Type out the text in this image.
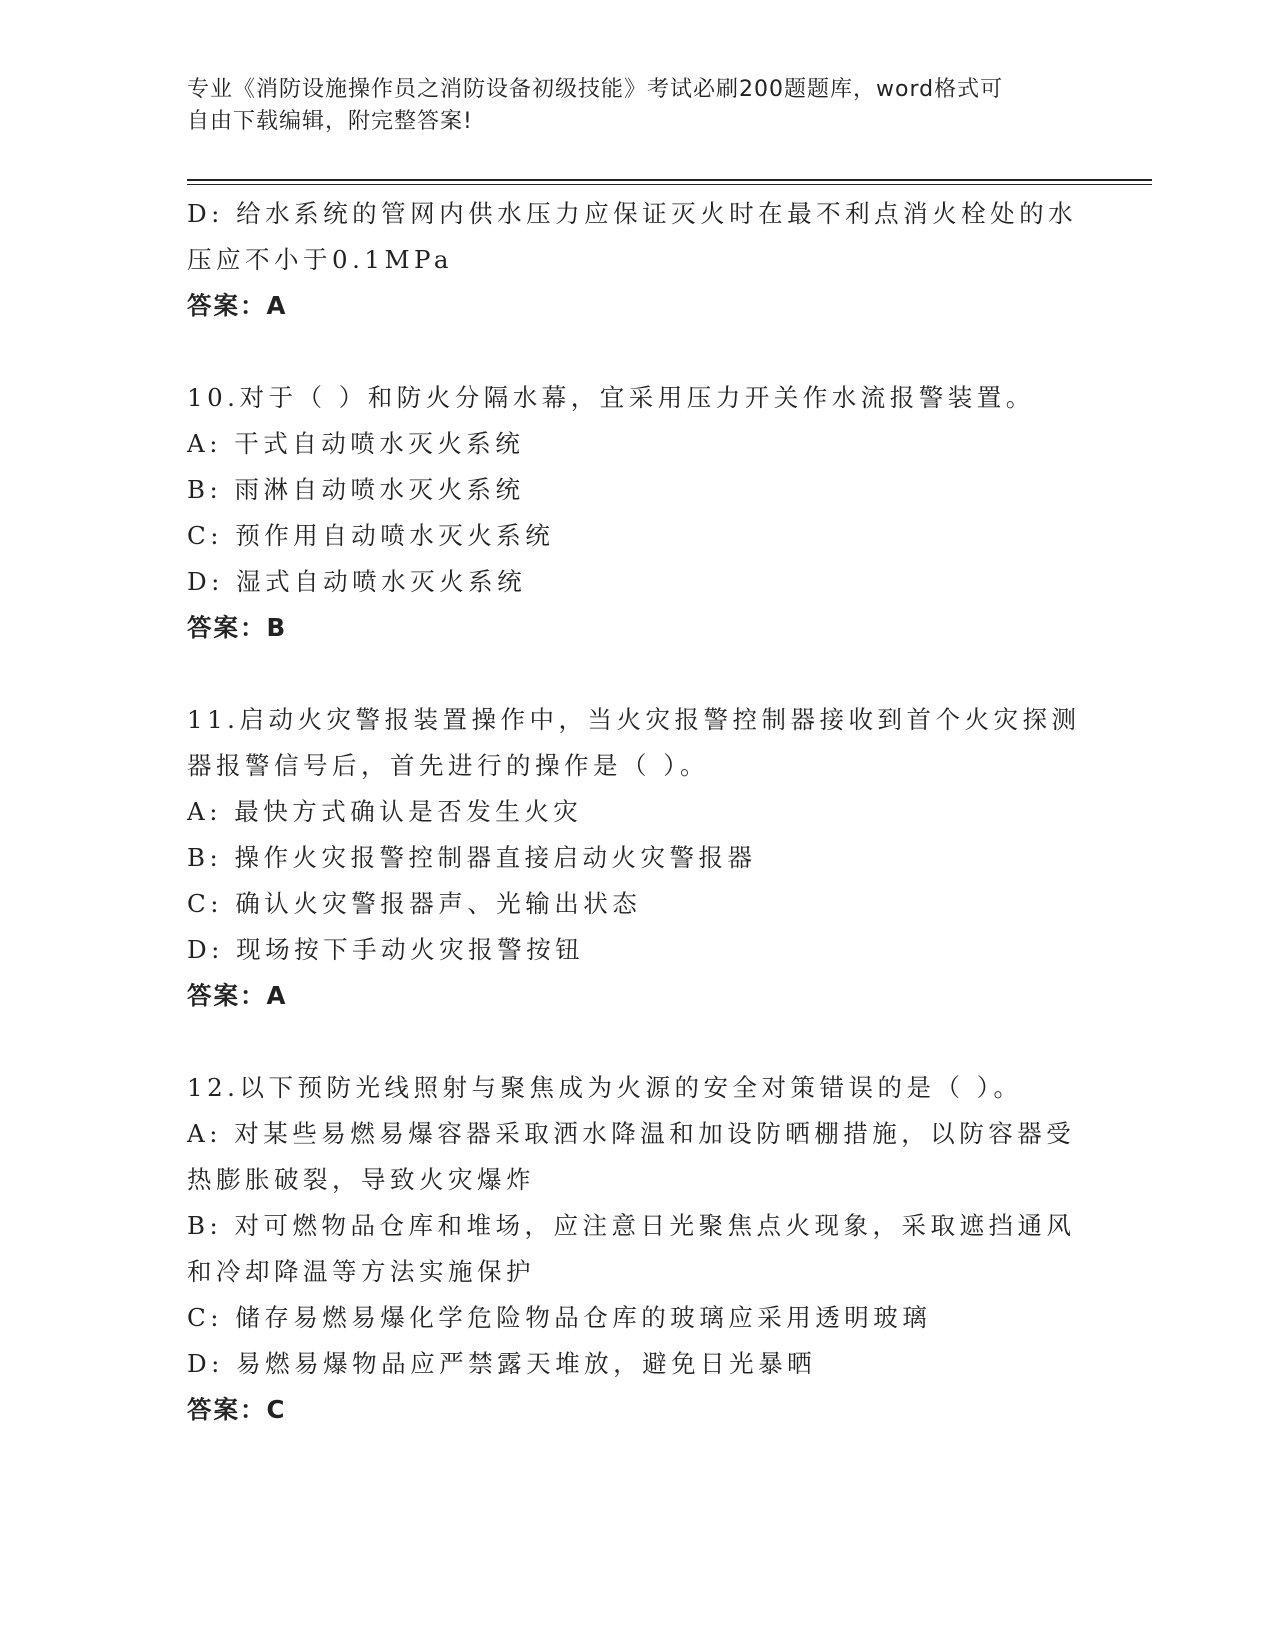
专业《消防设施操作员之消防设备初级技能》考试必刷200题题库，word格式可
自由下载编辑，附完整答案!
D: 给水系统的管网内供水压力应保证灭火时在最不利点消火栓处的水
压应不小于0.1MPa
答案：A
10.对于（ ）和防火分隔水幕，宜采用压力开关作水流报警装置。
A: 干式自动喷水灭火系统
B: 雨淋自动喷水灭火系统
C: 预作用自动喷水灭火系统
D: 湿式自动喷水灭火系统
答案：B
11.启动火灾警报装置操作中，当火灾报警控制器接收到首个火灾探测
器报警信号后，首先进行的操作是（ ）。
A: 最快方式确认是否发生火灾
B: 操作火灾报警控制器直接启动火灾警报器
C: 确认火灾警报器声、光输出状态
D: 现场按下手动火灾报警按钮
答案：A
12.以下预防光线照射与聚焦成为火源的安全对策错误的是（ ）。
A: 对某些易燃易爆容器采取洒水降温和加设防晒棚措施，以防容器受
热膨胀破裂，导致火灾爆炸
B: 对可燃物品仓库和堆场，应注意日光聚焦点火现象，采取遮挡通风
和冷却降温等方法实施保护
C: 储存易燃易爆化学危险物品仓库的玻璃应采用透明玻璃
D: 易燃易爆物品应严禁露天堆放，避免日光暴晒
答案：C
